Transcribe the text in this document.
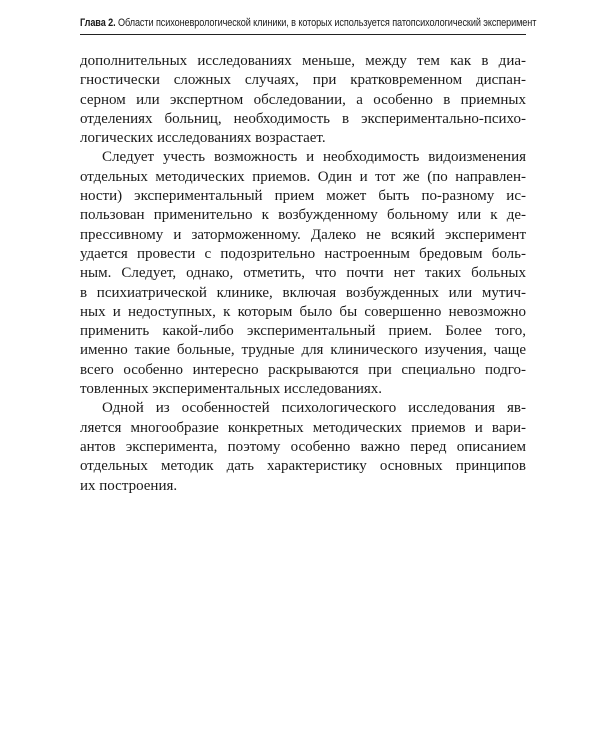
Глава 2. Области психоневрологической клиники, в которых используется патопсихологический эксперимент
дополнительных исследованиях меньше, между тем как в диа-
гностически сложных случаях, при кратковременном диспан-
серном или экспертном обследовании, а особенно в приемных
отделениях больниц, необходимость в экспериментально-психо-
логических исследованиях возрастает.
Следует учесть возможность и необходимость видоизменения
отдельных методических приемов. Один и тот же (по направлен-
ности) экспериментальный прием может быть по-разному ис-
пользован применительно к возбужденному больному или к де-
прессивному и заторможенному. Далеко не всякий эксперимент
удается провести с подозрительно настроенным бредовым боль-
ным. Следует, однако, отметить, что почти нет таких больных
в психиатрической клинике, включая возбужденных или мутич-
ных и недоступных, к которым было бы совершенно невозможно
применить какой-либо экспериментальный прием. Более того,
именно такие больные, трудные для клинического изучения, чаще
всего особенно интересно раскрываются при специально подго-
товленных экспериментальных исследованиях.
Одной из особенностей психологического исследования яв-
ляется многообразие конкретных методических приемов и вари-
антов эксперимента, поэтому особенно важно перед описанием
отдельных методик дать характеристику основных принципов
их построения.
